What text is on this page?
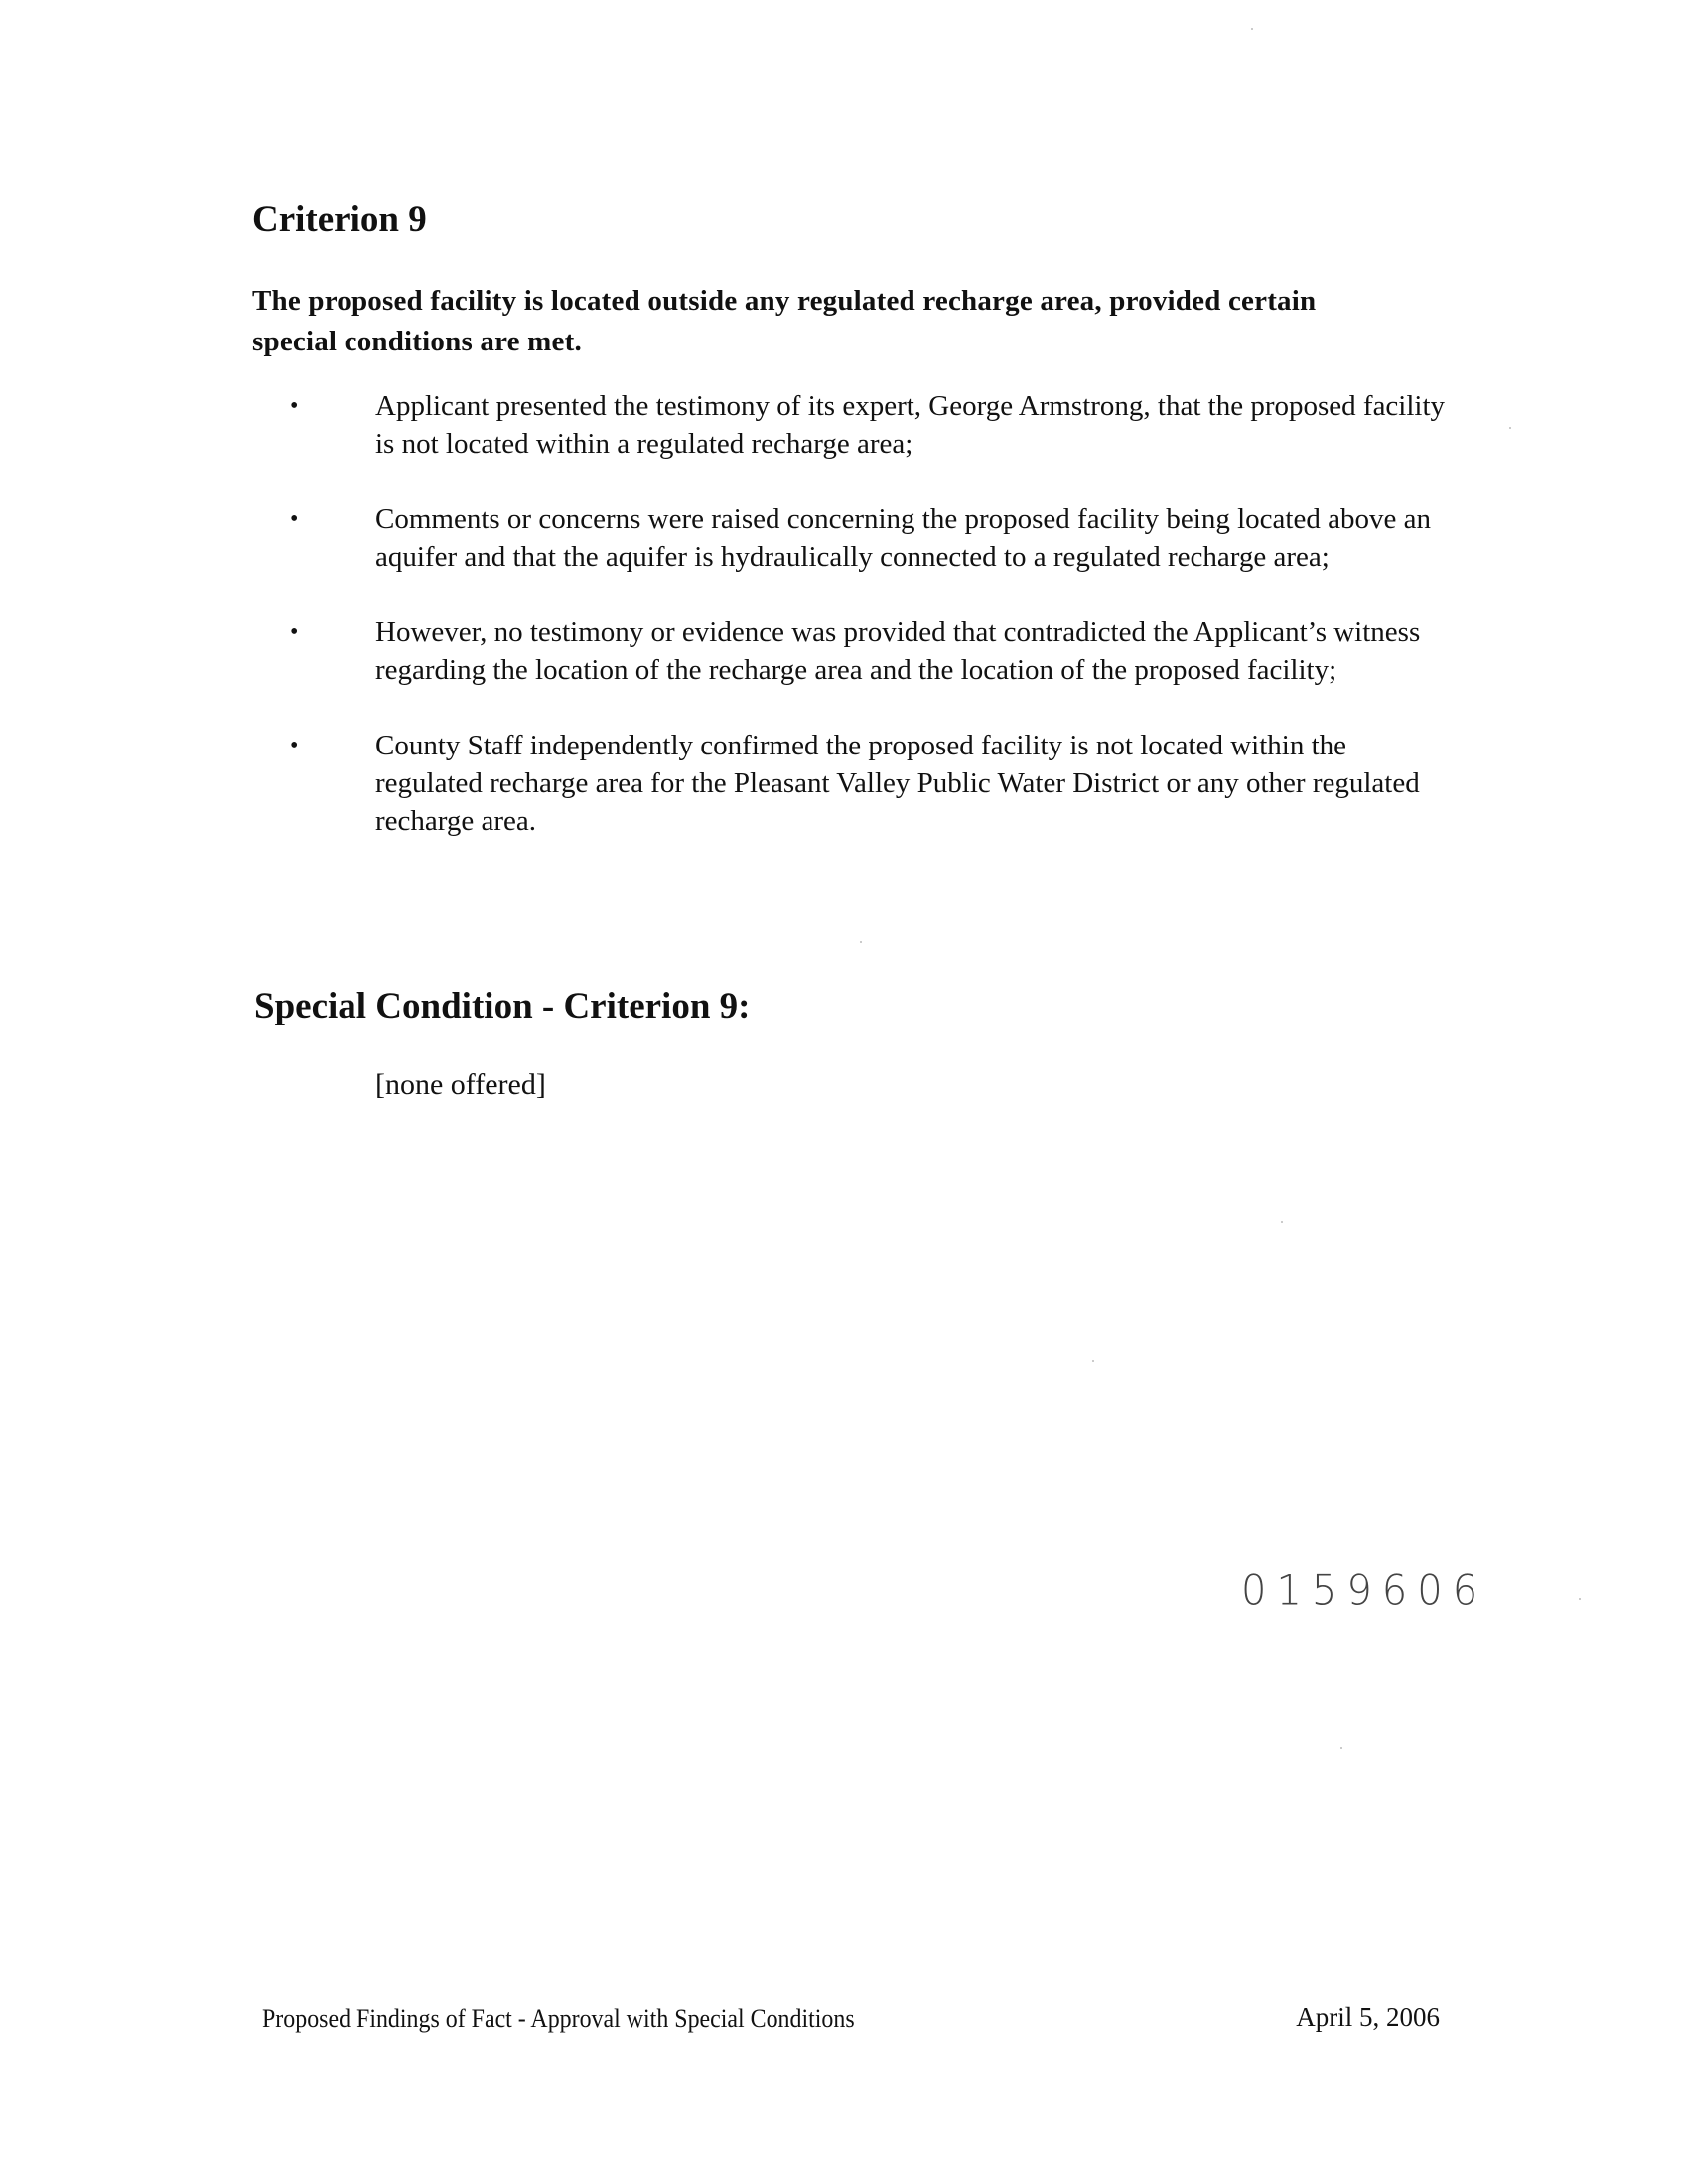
Criterion 9

The proposed facility is located outside any regulated recharge area, provided certain special conditions are met.

•	Applicant presented the testimony of its expert, George Armstrong, that the proposed facility is not located within a regulated recharge area;
•	Comments or concerns were raised concerning the proposed facility being located above an aquifer and that the aquifer is hydraulically connected to a regulated recharge area;
•	However, no testimony or evidence was provided that contradicted the Applicant’s witness regarding the location of the recharge area and the location of the proposed facility;
•	County Staff independently confirmed the proposed facility is not located within the regulated recharge area for the Pleasant Valley Public Water District or any other regulated recharge area.
Special Condition - Criterion 9:
[none offered]
0159606
Proposed Findings of Fact - Approval with Special Conditions	April 5, 2006
